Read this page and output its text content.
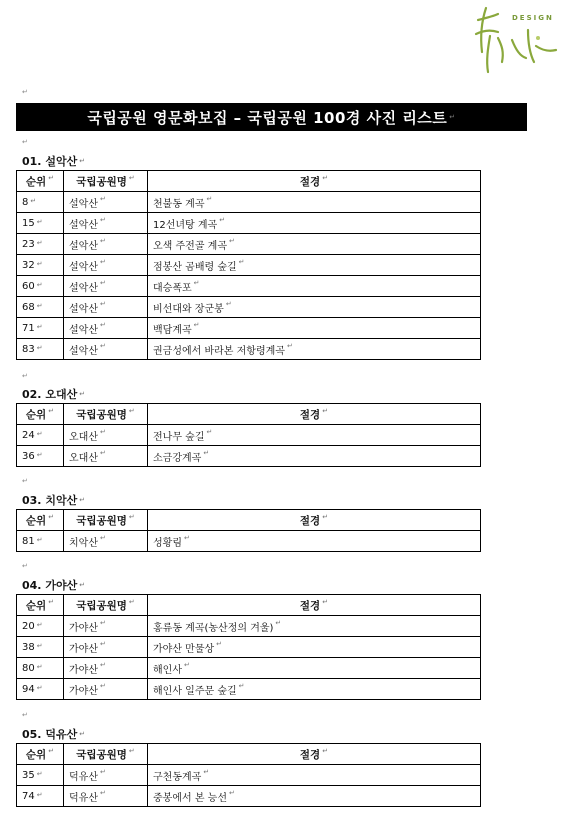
DESIGN
↵
국립공원 영문화보집 – 국립공원 100경 사진 리스트 ↵
↵
01. 설악산 ↵
순위 ↵	국립공원명 ↵	절경 ↵
8 ↵	설악산 ↵	천불동 계곡 ↵
15 ↵	설악산 ↵	12선녀탕 계곡 ↵
23 ↵	설악산 ↵	오색 주전골 계곡 ↵
32 ↵	설악산 ↵	점봉산 곰배령 숲길 ↵
60 ↵	설악산 ↵	대승폭포 ↵
68 ↵	설악산 ↵	비선대와 장군봉 ↵
71 ↵	설악산 ↵	백담계곡 ↵
83 ↵	설악산 ↵	권금성에서 바라본 저항령계곡 ↵
↵
02. 오대산 ↵
순위 ↵	국립공원명 ↵	절경 ↵
24 ↵	오대산 ↵	전나무 숲길 ↵
36 ↵	오대산 ↵	소금강계곡 ↵
↵
03. 치악산 ↵
순위 ↵	국립공원명 ↵	절경 ↵
81 ↵	치악산 ↵	성황림 ↵
↵
04. 가야산 ↵
순위 ↵	국립공원명 ↵	절경 ↵
20 ↵	가야산 ↵	홍류동 계곡(농산정의 겨울) ↵
38 ↵	가야산 ↵	가야산 만물상 ↵
80 ↵	가야산 ↵	해인사 ↵
94 ↵	가야산 ↵	해인사 일주문 숲길 ↵
↵
05. 덕유산 ↵
순위 ↵	국립공원명 ↵	절경 ↵
35 ↵	덕유산 ↵	구천동계곡 ↵
74 ↵	덕유산 ↵	중봉에서 본 능선 ↵
